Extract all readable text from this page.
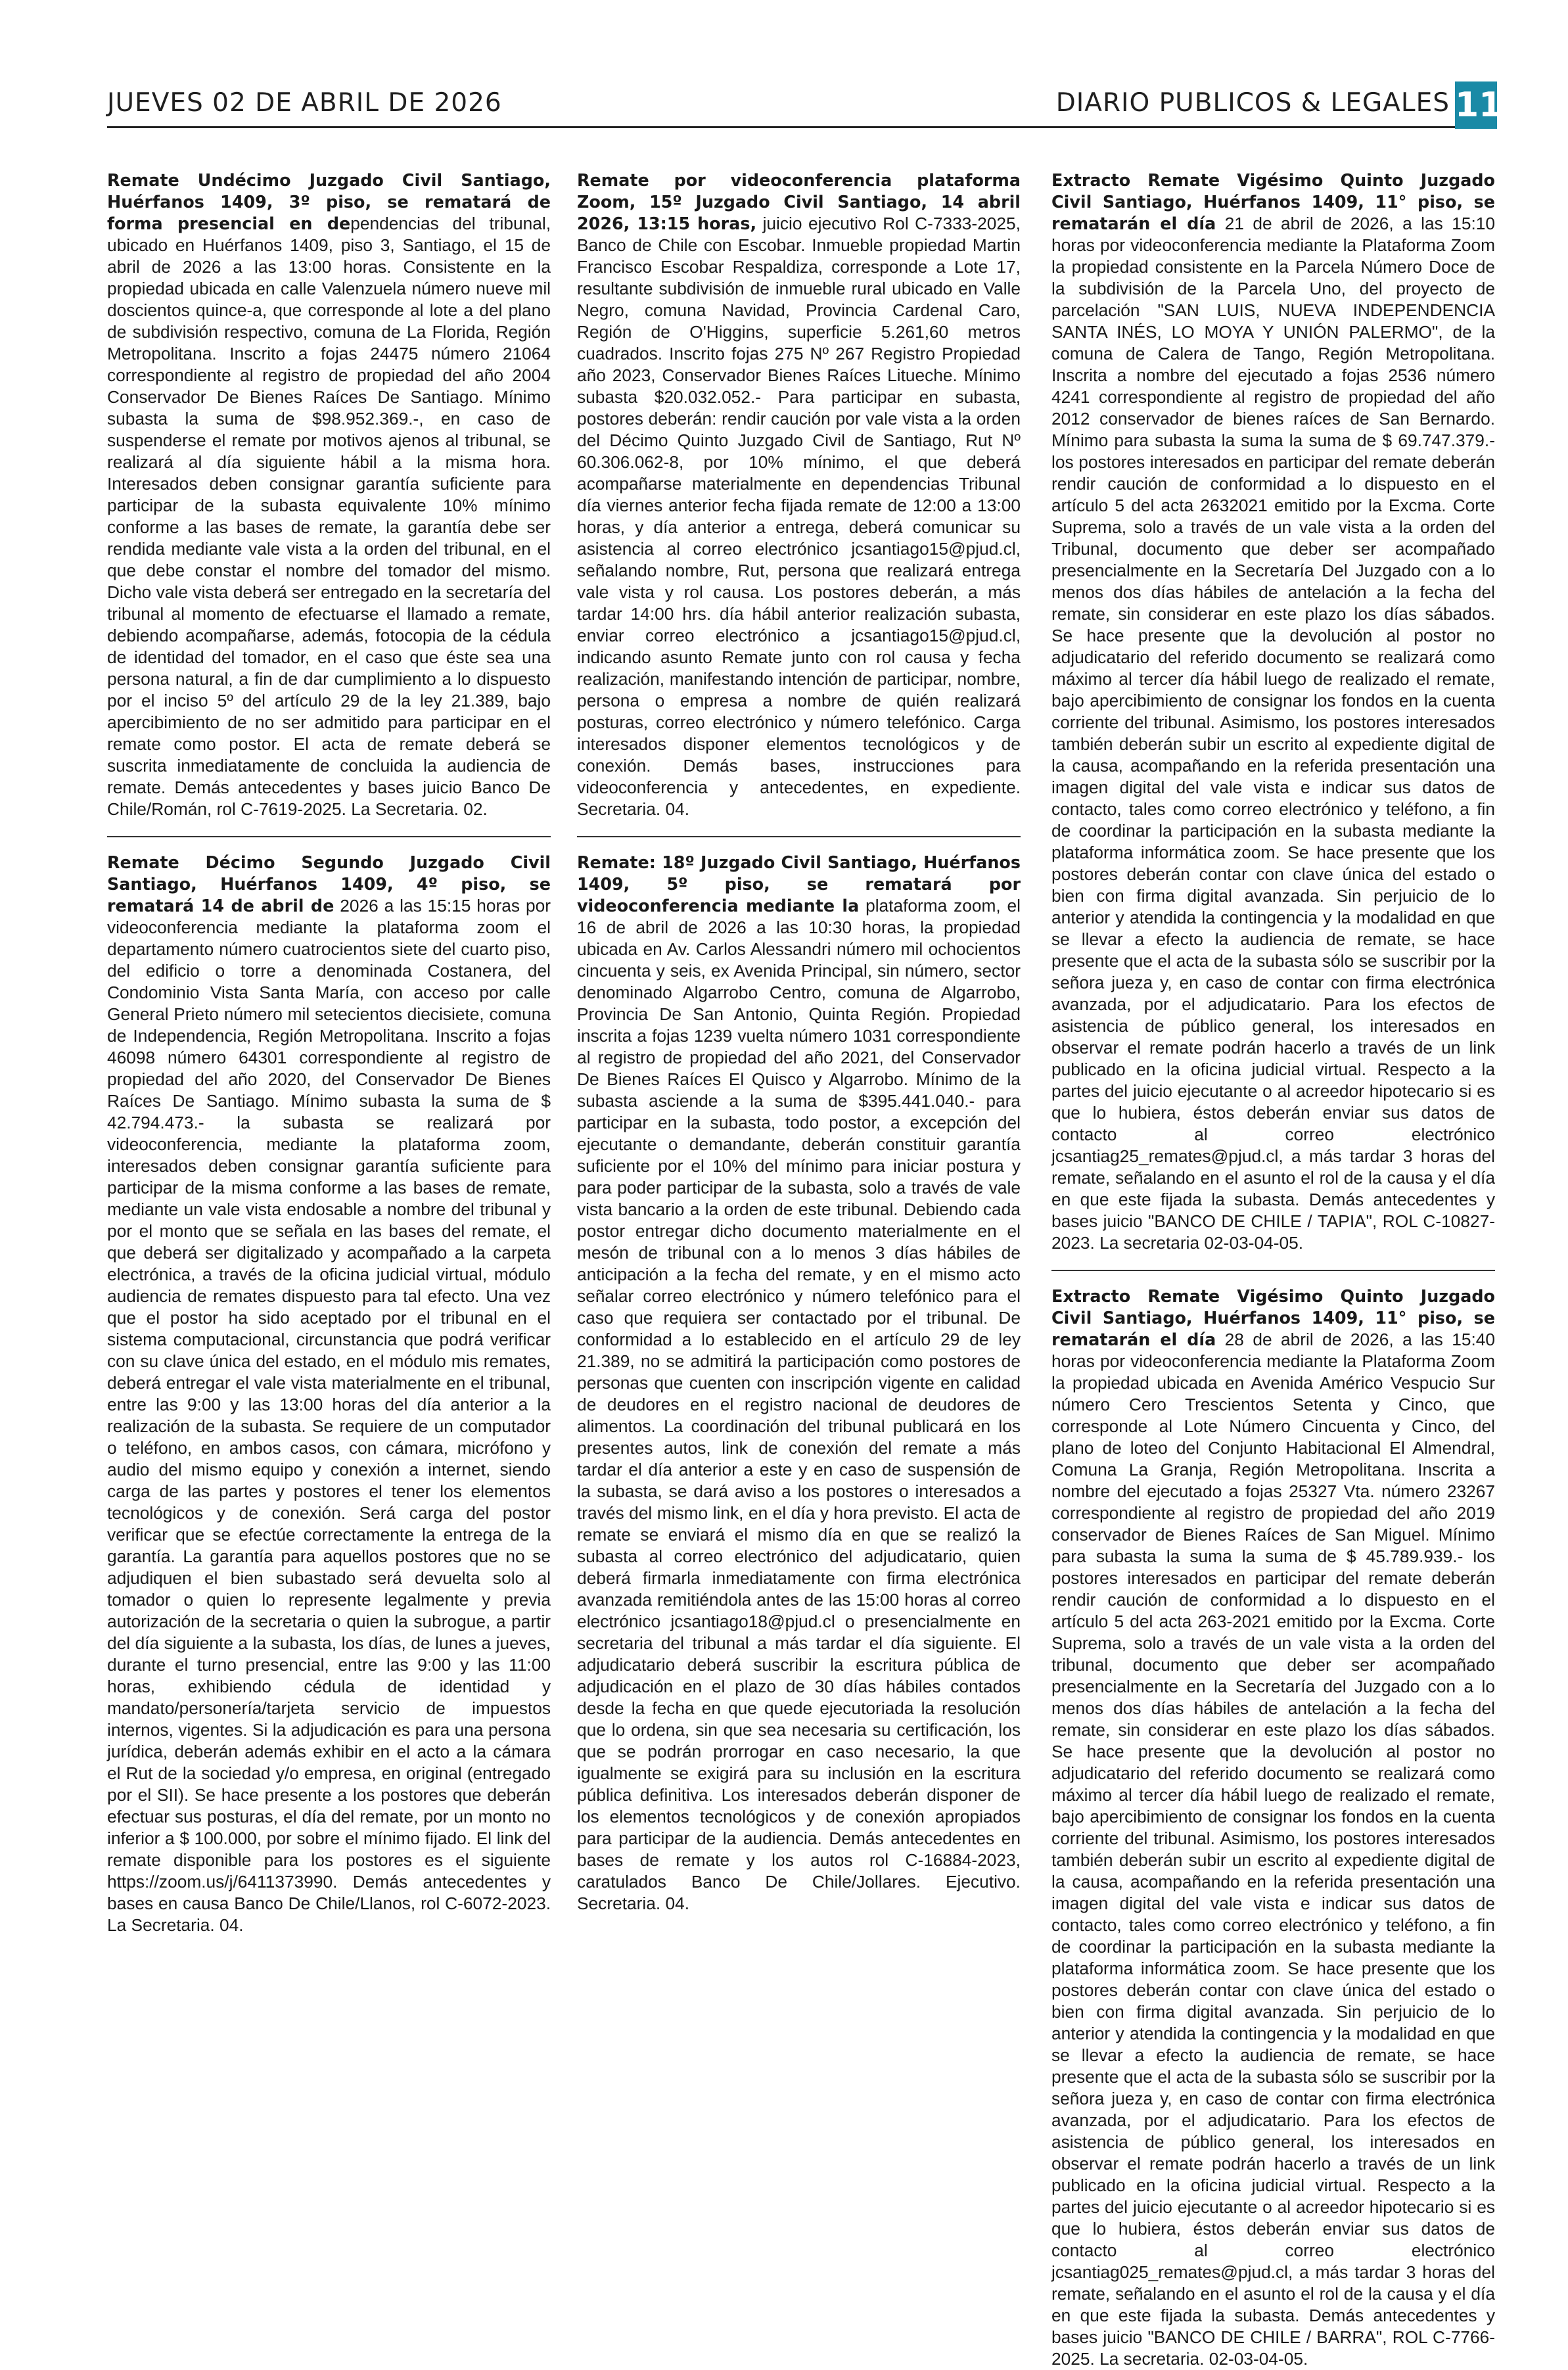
JUEVES 02 DE ABRIL DE 2026	DIARIO PUBLICOS & LEGALES 11

Remate Undécimo Juzgado Civil Santiago, Huérfanos 1409, 3º piso, se rematará de forma presencial en dependencias del tribunal, ubicado en Huérfanos 1409, piso 3, Santiago, el 15 de abril de 2026 a las 13:00 horas. Consistente en la propiedad ubicada en calle Valenzuela número nueve mil doscientos quince-a, que corresponde al lote a del plano de subdivisión respectivo, comuna de La Florida, Región Metropolitana. Inscrito a fojas 24475 número 21064 correspondiente al registro de propiedad del año 2004 Conservador De Bienes Raíces De Santiago. Mínimo subasta la suma de $98.952.369.-, en caso de suspenderse el remate por motivos ajenos al tribunal, se realizará al día siguiente hábil a la misma hora. Interesados deben consignar garantía suficiente para participar de la subasta equivalente 10% mínimo conforme a las bases de remate, la garantía debe ser rendida mediante vale vista a la orden del tribunal, en el que debe constar el nombre del tomador del mismo. Dicho vale vista deberá ser entregado en la secretaría del tribunal al momento de efectuarse el llamado a remate, debiendo acompañarse, además, fotocopia de la cédula de identidad del tomador, en el caso que éste sea una persona natural, a fin de dar cumplimiento a lo dispuesto por el inciso 5º del artículo 29 de la ley 21.389, bajo apercibimiento de no ser admitido para participar en el remate como postor. El acta de remate deberá se suscrita inmediatamente de concluida la audiencia de remate. Demás antecedentes y bases juicio Banco De Chile/Román, rol C-7619-2025. La Secretaria. 02.

Remate Décimo Segundo Juzgado Civil Santiago, Huérfanos 1409, 4º piso, se rematará 14 de abril de 2026 a las 15:15 horas por videoconferencia mediante la plataforma zoom el departamento número cuatrocientos siete del cuarto piso, del edificio o torre a denominada Costanera, del Condominio Vista Santa María, con acceso por calle General Prieto número mil setecientos diecisiete, comuna de Independencia, Región Metropolitana. Inscrito a fojas 46098 número 64301 correspondiente al registro de propiedad del año 2020, del Conservador De Bienes Raíces De Santiago. Mínimo subasta la suma de $ 42.794.473.- la subasta se realizará por videoconferencia, mediante la plataforma zoom, interesados deben consignar garantía suficiente para participar de la misma conforme a las bases de remate, mediante un vale vista endosable a nombre del tribunal y por el monto que se señala en las bases del remate, el que deberá ser digitalizado y acompañado a la carpeta electrónica, a través de la oficina judicial virtual, módulo audiencia de remates dispuesto para tal efecto. Una vez que el postor ha sido aceptado por el tribunal en el sistema computacional, circunstancia que podrá verificar con su clave única del estado, en el módulo mis remates, deberá entregar el vale vista materialmente en el tribunal, entre las 9:00 y las 13:00 horas del día anterior a la realización de la subasta. Se requiere de un computador o teléfono, en ambos casos, con cámara, micrófono y audio del mismo equipo y conexión a internet, siendo carga de las partes y postores el tener los elementos tecnológicos y de conexión. Será carga del postor verificar que se efectúe correctamente la entrega de la garantía. La garantía para aquellos postores que no se adjudiquen el bien subastado será devuelta solo al tomador o quien lo represente legalmente y previa autorización de la secretaria o quien la subrogue, a partir del día siguiente a la subasta, los días, de lunes a jueves, durante el turno presencial, entre las 9:00 y las 11:00 horas, exhibiendo cédula de identidad y mandato/personería/tarjeta servicio de impuestos internos, vigentes. Si la adjudicación es para una persona jurídica, deberán además exhibir en el acto a la cámara el Rut de la sociedad y/o empresa, en original (entregado por el SII). Se hace presente a los postores que deberán efectuar sus posturas, el día del remate, por un monto no inferior a $ 100.000, por sobre el mínimo fijado. El link del remate disponible para los postores es el siguiente https://zoom.us/j/6411373990. Demás antecedentes y bases en causa Banco De Chile/Llanos, rol C-6072-2023. La Secretaria. 04.

Remate por videoconferencia plataforma Zoom, 15º Juzgado Civil Santiago, 14 abril 2026, 13:15 horas, juicio ejecutivo Rol C-7333-2025, Banco de Chile con Escobar. Inmueble propiedad Martin Francisco Escobar Respaldiza, corresponde a Lote 17, resultante subdivisión de inmueble rural ubicado en Valle Negro, comuna Navidad, Provincia Cardenal Caro, Región de O'Higgins, superficie 5.261,60 metros cuadrados. Inscrito fojas 275 Nº 267 Registro Propiedad año 2023, Conservador Bienes Raíces Litueche. Mínimo subasta $20.032.052.- Para participar en subasta, postores deberán: rendir caución por vale vista a la orden del Décimo Quinto Juzgado Civil de Santiago, Rut Nº 60.306.062-8, por 10% mínimo, el que deberá acompañarse materialmente en dependencias Tribunal día viernes anterior fecha fijada remate de 12:00 a 13:00 horas, y día anterior a entrega, deberá comunicar su asistencia al correo electrónico jcsantiago15@pjud.cl, señalando nombre, Rut, persona que realizará entrega vale vista y rol causa. Los postores deberán, a más tardar 14:00 hrs. día hábil anterior realización subasta, enviar correo electrónico a jcsantiago15@pjud.cl, indicando asunto Remate junto con rol causa y fecha realización, manifestando intención de participar, nombre, persona o empresa a nombre de quién realizará posturas, correo electrónico y número telefónico. Carga interesados disponer elementos tecnológicos y de conexión. Demás bases, instrucciones para videoconferencia y antecedentes, en expediente. Secretaria. 04.

Remate: 18º Juzgado Civil Santiago, Huérfanos 1409, 5º piso, se rematará por videoconferencia mediante la plataforma zoom, el 16 de abril de 2026 a las 10:30 horas, la propiedad ubicada en Av. Carlos Alessandri número mil ochocientos cincuenta y seis, ex Avenida Principal, sin número, sector denominado Algarrobo Centro, comuna de Algarrobo, Provincia De San Antonio, Quinta Región. Propiedad inscrita a fojas 1239 vuelta número 1031 correspondiente al registro de propiedad del año 2021, del Conservador De Bienes Raíces El Quisco y Algarrobo. Mínimo de la subasta asciende a la suma de $395.441.040.- para participar en la subasta, todo postor, a excepción del ejecutante o demandante, deberán constituir garantía suficiente por el 10% del mínimo para iniciar postura y para poder participar de la subasta, solo a través de vale vista bancario a la orden de este tribunal. Debiendo cada postor entregar dicho documento materialmente en el mesón de tribunal con a lo menos 3 días hábiles de anticipación a la fecha del remate, y en el mismo acto señalar correo electrónico y número telefónico para el caso que requiera ser contactado por el tribunal. De conformidad a lo establecido en el artículo 29 de ley 21.389, no se admitirá la participación como postores de personas que cuenten con inscripción vigente en calidad de deudores en el registro nacional de deudores de alimentos. La coordinación del tribunal publicará en los presentes autos, link de conexión del remate a más tardar el día anterior a este y en caso de suspensión de la subasta, se dará aviso a los postores o interesados a través del mismo link, en el día y hora previsto. El acta de remate se enviará el mismo día en que se realizó la subasta al correo electrónico del adjudicatario, quien deberá firmarla inmediatamente con firma electrónica avanzada remitiéndola antes de las 15:00 horas al correo electrónico jcsantiago18@pjud.cl o presencialmente en secretaria del tribunal a más tardar el día siguiente. El adjudicatario deberá suscribir la escritura pública de adjudicación en el plazo de 30 días hábiles contados desde la fecha en que quede ejecutoriada la resolución que lo ordena, sin que sea necesaria su certificación, los que se podrán prorrogar en caso necesario, la que igualmente se exigirá para su inclusión en la escritura pública definitiva. Los interesados deberán disponer de los elementos tecnológicos y de conexión apropiados para participar de la audiencia. Demás antecedentes en bases de remate y los autos rol C-16884-2023, caratulados Banco De Chile/Jollares. Ejecutivo. Secretaria. 04.

Extracto Remate Vigésimo Quinto Juzgado Civil Santiago, Huérfanos 1409, 11° piso, se rematarán el día 21 de abril de 2026, a las 15:10 horas por videoconferencia mediante la Plataforma Zoom la propiedad consistente en la Parcela Número Doce de la subdivisión de la Parcela Uno, del proyecto de parcelación "SAN LUIS, NUEVA INDEPENDENCIA SANTA INÉS, LO MOYA Y UNIÓN PALERMO", de la comuna de Calera de Tango, Región Metropolitana. Inscrita a nombre del ejecutado a fojas 2536 número 4241 correspondiente al registro de propiedad del año 2012 conservador de bienes raíces de San Bernardo. Mínimo para subasta la suma la suma de $ 69.747.379.- los postores interesados en participar del remate deberán rendir caución de conformidad a lo dispuesto en el artículo 5 del acta 2632021 emitido por la Excma. Corte Suprema, solo a través de un vale vista a la orden del Tribunal, documento que deber ser acompañado presencialmente en la Secretaría Del Juzgado con a lo menos dos días hábiles de antelación a la fecha del remate, sin considerar en este plazo los días sábados. Se hace presente que la devolución al postor no adjudicatario del referido documento se realizará como máximo al tercer día hábil luego de realizado el remate, bajo apercibimiento de consignar los fondos en la cuenta corriente del tribunal. Asimismo, los postores interesados también deberán subir un escrito al expediente digital de la causa, acompañando en la referida presentación una imagen digital del vale vista e indicar sus datos de contacto, tales como correo electrónico y teléfono, a fin de coordinar la participación en la subasta mediante la plataforma informática zoom. Se hace presente que los postores deberán contar con clave única del estado o bien con firma digital avanzada. Sin perjuicio de lo anterior y atendida la contingencia y la modalidad en que se llevar a efecto la audiencia de remate, se hace presente que el acta de la subasta sólo se suscribir por la señora jueza y, en caso de contar con firma electrónica avanzada, por el adjudicatario. Para los efectos de asistencia de público general, los interesados en observar el remate podrán hacerlo a través de un link publicado en la oficina judicial virtual. Respecto a la partes del juicio ejecutante o al acreedor hipotecario si es que lo hubiera, éstos deberán enviar sus datos de contacto al correo electrónico jcsantiag25_remates@pjud.cl, a más tardar 3 horas del remate, señalando en el asunto el rol de la causa y el día en que este fijada la subasta. Demás antecedentes y bases juicio "BANCO DE CHILE / TAPIA", ROL C-10827-2023. La secretaria 02-03-04-05.

Extracto Remate Vigésimo Quinto Juzgado Civil Santiago, Huérfanos 1409, 11° piso, se rematarán el día 28 de abril de 2026, a las 15:40 horas por videoconferencia mediante la Plataforma Zoom la propiedad ubicada en Avenida Américo Vespucio Sur número Cero Trescientos Setenta y Cinco, que corresponde al Lote Número Cincuenta y Cinco, del plano de loteo del Conjunto Habitacional El Almendral, Comuna La Granja, Región Metropolitana. Inscrita a nombre del ejecutado a fojas 25327 Vta. número 23267 correspondiente al registro de propiedad del año 2019 conservador de Bienes Raíces de San Miguel. Mínimo para subasta la suma la suma de $ 45.789.939.- los postores interesados en participar del remate deberán rendir caución de conformidad a lo dispuesto en el artículo 5 del acta 263-2021 emitido por la Excma. Corte Suprema, solo a través de un vale vista a la orden del tribunal, documento que deber ser acompañado presencialmente en la Secretaría del Juzgado con a lo menos dos días hábiles de antelación a la fecha del remate, sin considerar en este plazo los días sábados. Se hace presente que la devolución al postor no adjudicatario del referido documento se realizará como máximo al tercer día hábil luego de realizado el remate, bajo apercibimiento de consignar los fondos en la cuenta corriente del tribunal. Asimismo, los postores interesados también deberán subir un escrito al expediente digital de la causa, acompañando en la referida presentación una imagen digital del vale vista e indicar sus datos de contacto, tales como correo electrónico y teléfono, a fin de coordinar la participación en la subasta mediante la plataforma informática zoom. Se hace presente que los postores deberán contar con clave única del estado o bien con firma digital avanzada. Sin perjuicio de lo anterior y atendida la contingencia y la modalidad en que se llevar a efecto la audiencia de remate, se hace presente que el acta de la subasta sólo se suscribir por la señora jueza y, en caso de contar con firma electrónica avanzada, por el adjudicatario. Para los efectos de asistencia de público general, los interesados en observar el remate podrán hacerlo a través de un link publicado en la oficina judicial virtual. Respecto a la partes del juicio ejecutante o al acreedor hipotecario si es que lo hubiera, éstos deberán enviar sus datos de contacto al correo electrónico jcsantiag025_remates@pjud.cl, a más tardar 3 horas del remate, señalando en el asunto el rol de la causa y el día en que este fijada la subasta. Demás antecedentes y bases juicio "BANCO DE CHILE / BARRA", ROL C-7766-2025. La secretaria. 02-03-04-05.
